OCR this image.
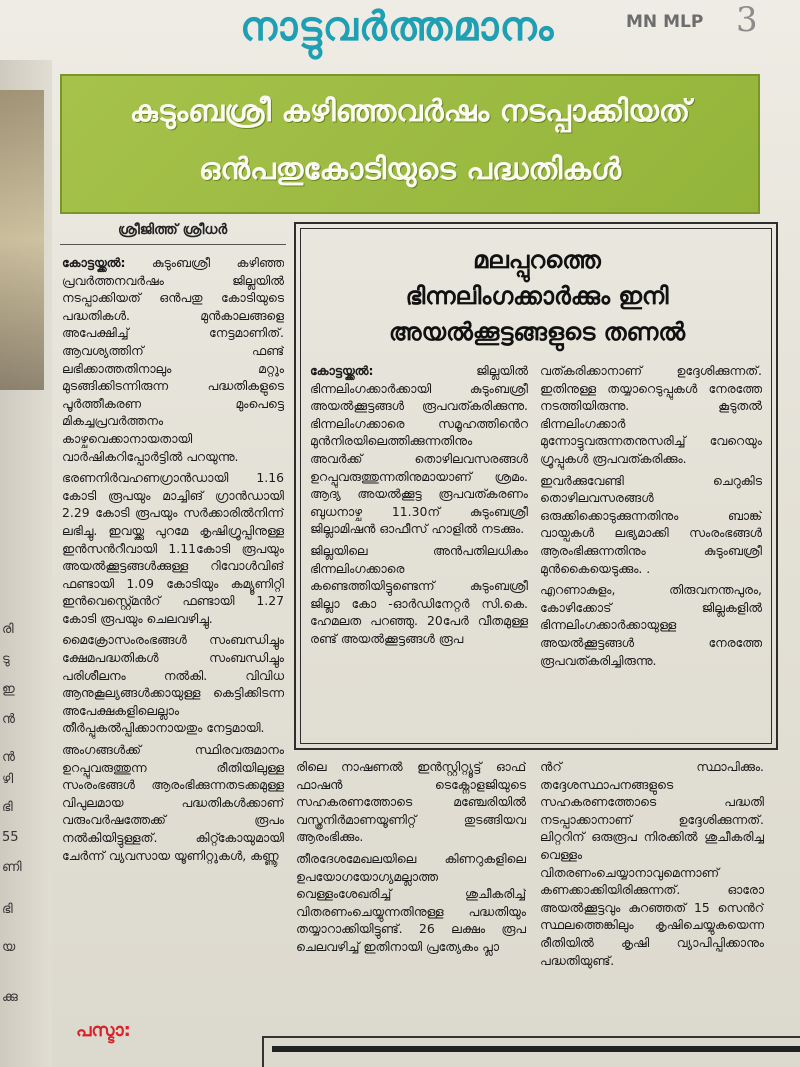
നാട്ടുവർത്തമാനം	MN MLP 3
രി
ടു
ഇ
ൻ
ൻ
ഴി
ഭി
55
ണി
ഭി
യ
ക്കു
കുടുംബശ്രീ കഴിഞ്ഞവർഷം നടപ്പാക്കിയത്
ഒൻപതുകോടിയുടെ പദ്ധതികൾ
ശ്രീജിത്ത് ശ്രീധർ

കോട്ടയ്ക്കൽ: കുടുംബശ്രീ കഴിഞ്ഞ പ്രവർത്തനവർഷം ജില്ലയിൽ നടപ്പാക്കിയത് ഒൻപതു കോടിയുടെ പദ്ധതികൾ. മുൻകാലങ്ങളെ അപേക്ഷിച്ച് നേട്ടമാണിത്. ആവശ്യത്തിന് ഫണ്ട് ലഭിക്കാത്തതിനാലും മറ്റും മുടങ്ങിക്കിടന്നിരുന്ന പദ്ധതികളുടെ പൂർത്തീകരണ മുംപെട്ടെ മികച്ചപ്രവർത്തനം കാഴ്ചവെക്കാനായതായി വാർഷികറിപ്പോർട്ടിൽ പറയുന്നു.

ഭരണനിർവഹണഗ്രാൻഡായി 1.16 കോടി രൂപയും മാച്ചിങ് ഗ്രാൻഡായി 2.29 കോടി രൂപയും സർക്കാരിൽനിന്ന് ലഭിച്ചു. ഇവയ്ക്കു പുറമേ കൃഷിഗ്രൂപ്പിനുള്ള ഇൻസൻറീവായി 1.11കോടി രൂപയും അയൽക്കൂട്ടങ്ങൾക്കുള്ള റിവോൾവിങ് ഫണ്ടായി 1.09 കോടിയും കമ്യൂണിറ്റി ഇൻവെസ്റ്റ്മെൻറ് ഫണ്ടായി 1.27 കോടി രൂപയും ചെലവഴിച്ചു.

മൈക്രോസംരംഭങ്ങൾ സംബന്ധിച്ചും ക്ഷേമപദ്ധതികൾ സംബന്ധിച്ചും പരിശീലനം നൽകി. വിവിധ ആനുകൂല്യങ്ങൾക്കായുള്ള കെട്ടിക്കിടന്ന അപേക്ഷകളിലെല്ലാം തീർപ്പുകൽപ്പിക്കാനായതും നേട്ടമായി.

അംഗങ്ങൾക്ക് സ്ഥിരവരുമാനം ഉറപ്പുവരുത്തുന്ന രീതിയിലുള്ള സംരംഭങ്ങൾ ആരംഭിക്കുന്നതടക്കമുള്ള വിപുലമായ പദ്ധതികൾക്കാണ് വരുംവർഷത്തേക്ക് രൂപം നൽകിയിട്ടുള്ളത്. കിറ്റ്കോയുമായി ചേർന്ന് വ്യവസായ യൂണിറ്റുകൾ, കണ്ണൂ

മലപ്പുറത്തെ
ഭിന്നലിംഗക്കാർക്കും ഇനി
അയൽക്കൂട്ടങ്ങളുടെ തണൽ

കോട്ടയ്ക്കൽ:	ജില്ലയിൽ ഭിന്നലിംഗക്കാർക്കായി കുടുംബശ്രീ അയൽക്കൂട്ടങ്ങൾ രൂപവത്കരിക്കുന്നു. ഭിന്നലിംഗക്കാരെ സമൂഹത്തിൻെറ മുൻനിരയിലെത്തിക്കുന്നതിനും അവർക്ക് തൊഴിലവസരങ്ങൾ ഉറപ്പുവരുത്തുന്നതിനുമായാണ് ശ്രമം. ആദ്യ അയൽക്കൂട്ട രൂപവത്കരണം ബുധനാഴ്ച 11.30ന് കുടുംബശ്രീ ജില്ലാമിഷൻ ഓഫീസ് ഹാളിൽ നടക്കും.

ജില്ലയിലെ അൻപതിലധികം ഭിന്നലിംഗക്കാരെ കണ്ടെത്തിയിട്ടുണ്ടെന്ന് കുടുംബശ്രീ ജില്ലാ കോ -ഓർഡിനേറ്റർ സി.കെ. ഹേമലത പറഞ്ഞു. 20പേർ വീതമുള്ള രണ്ട് അയൽക്കൂട്ടങ്ങൾ രൂപ

വത്കരിക്കാനാണ് ഉദ്ദേശിക്കുന്നത്. ഇതിനുള്ള തയ്യാറെടുപ്പുകൾ നേരത്തേ നടത്തിയിരുന്നു. കൂടുതൽ ഭിന്നലിംഗക്കാർ മുന്നോട്ടുവരുന്നതനുസരിച്ച് വേറെയും ഗ്രൂപ്പുകൾ രൂപവത്കരിക്കും.

ഇവർക്കുവേണ്ടി ചെറുകിട തൊഴിലവസരങ്ങൾ ഒരുക്കിക്കൊടുക്കുന്നതിനും ബാങ്ക് വായ്പകൾ ലഭ്യമാക്കി സംരംഭങ്ങൾ ആരംഭിക്കുന്നതിനും കുടുംബശ്രീ മുൻകൈയെടുക്കും. .

എറണാകുളം, തിരുവനന്തപുരം, കോഴിക്കോട് ജില്ലകളിൽ ഭിന്നലിംഗക്കാർക്കായുള്ള അയൽക്കൂട്ടങ്ങൾ നേരത്തേ രൂപവത്കരിച്ചിരുന്നു.

രിലെ നാഷണൽ ഇൻസ്റ്റിറ്റ്യൂട്ട് ഓഫ് ഫാഷൻ ടെക്നോളജിയുടെ സഹകരണത്തോടെ മഞ്ചേരിയിൽ വസ്ത്രനിർമാണയൂണിറ്റ് തുടങ്ങിയവ ആരംഭിക്കും.

തീരദേശമേഖലയിലെ കിണറുകളിലെ ഉപയോഗയോഗ്യമല്ലാത്ത വെള്ളംശേഖരിച്ച് ശുചീകരിച്ച് വിതരണംചെയ്യുന്നതിനുള്ള പദ്ധതിയും തയ്യാറാക്കിയിട്ടുണ്ട്. 26 ലക്ഷം രൂപ ചെലവഴിച്ച് ഇതിനായി പ്രത്യേകം പ്ലാ

ൻറ് സ്ഥാപിക്കും. തദ്ദേശസ്ഥാപനങ്ങളുടെ സഹകരണത്തോടെ പദ്ധതി നടപ്പാക്കാനാണ് ഉദ്ദേശിക്കുന്നത്. ലിറ്ററിന് ഒരുരൂപ നിരക്കിൽ ശുചീകരിച്ച വെള്ളം വിതരണംചെയ്യാനാവുമെന്നാണ് കണക്കാക്കിയിരിക്കുന്നത്. ഓരോ അയൽക്കൂട്ടവും കുറഞ്ഞത് 15 സെൻറ് സ്ഥലത്തെങ്കിലും കൃഷിചെയ്യുകയെന്ന രീതിയിൽ കൃഷി വ്യാപിപ്പിക്കാനും പദ്ധതിയുണ്ട്.

പസ്ടാ:
